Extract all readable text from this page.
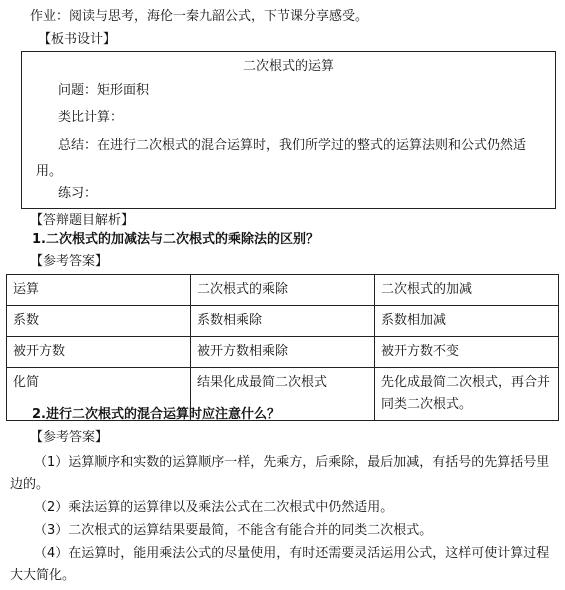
作业：阅读与思考，海伦一秦九韶公式，下节课分享感受。
【板书设计】
二次根式的运算
问题：矩形面积
类比计算：
总结：在进行二次根式的混合运算时，我们所学过的整式的运算法则和公式仍然适用。
练习：
【答辩题目解析】
1.二次根式的加减法与二次根式的乘除法的区别？
【参考答案】
运算	二次根式的乘除	二次根式的加减
系数	系数相乘除	系数相加减
被开方数	被开方数相乘除	被开方数不变
化简	结果化成最简二次根式	先化成最简二次根式，再合并同类二次根式。
2.进行二次根式的混合运算时应注意什么？
【参考答案】
（1）运算顺序和实数的运算顺序一样，先乘方，后乘除，最后加减，有括号的先算括号里边的。
（2）乘法运算的运算律以及乘法公式在二次根式中仍然适用。
（3）二次根式的运算结果要最简，不能含有能合并的同类二次根式。
（4）在运算时，能用乘法公式的尽量使用，有时还需要灵活运用公式，这样可使计算过程大大简化。
